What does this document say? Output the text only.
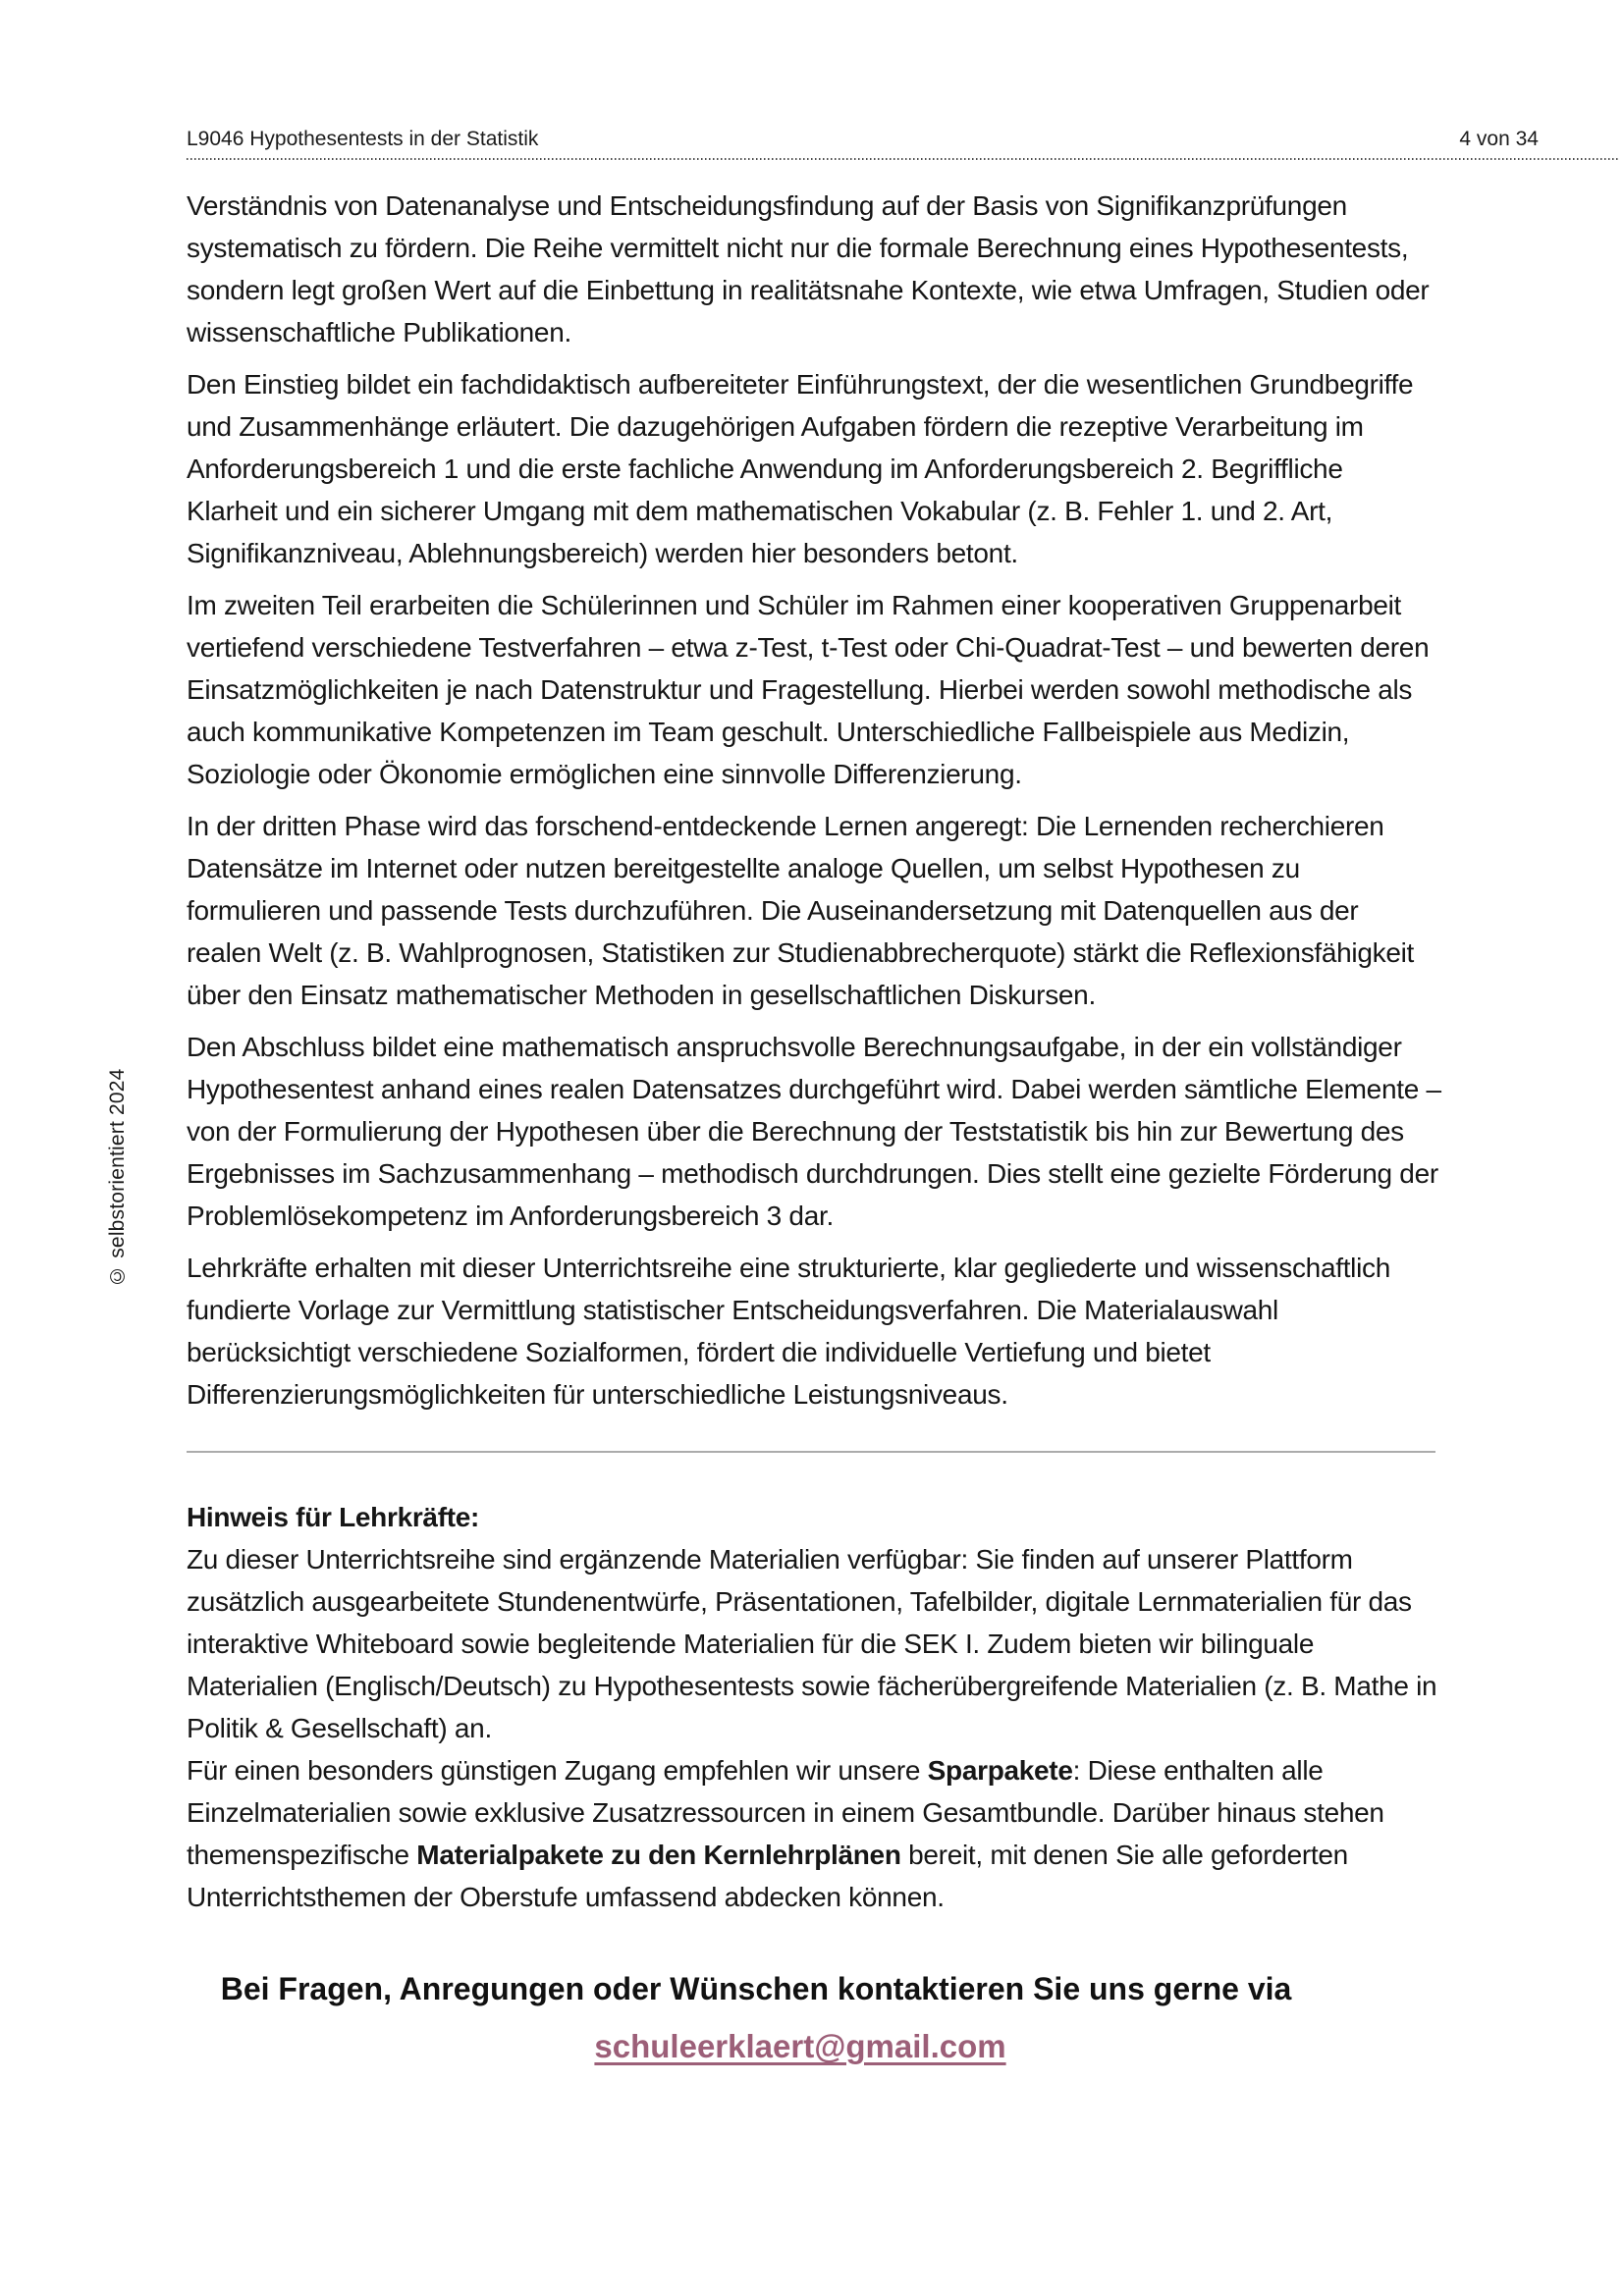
L9046 Hypothesentests in der Statistik	4 von 34
© selbstorientiert 2024

Verständnis von Datenanalyse und Entscheidungsfindung auf der Basis von Signifikanzprüfungen
systematisch zu fördern. Die Reihe vermittelt nicht nur die formale Berechnung eines Hypothesentests,
sondern legt großen Wert auf die Einbettung in realitätsnahe Kontexte, wie etwa Umfragen, Studien oder
wissenschaftliche Publikationen.

Den Einstieg bildet ein fachdidaktisch aufbereiteter Einführungstext, der die wesentlichen Grundbegriffe
und Zusammenhänge erläutert. Die dazugehörigen Aufgaben fördern die rezeptive Verarbeitung im
Anforderungsbereich 1 und die erste fachliche Anwendung im Anforderungsbereich 2. Begriffliche
Klarheit und ein sicherer Umgang mit dem mathematischen Vokabular (z. B. Fehler 1. und 2. Art,
Signifikanzniveau, Ablehnungsbereich) werden hier besonders betont.

Im zweiten Teil erarbeiten die Schülerinnen und Schüler im Rahmen einer kooperativen Gruppenarbeit
vertiefend verschiedene Testverfahren – etwa z-Test, t-Test oder Chi-Quadrat-Test – und bewerten deren
Einsatzmöglichkeiten je nach Datenstruktur und Fragestellung. Hierbei werden sowohl methodische als
auch kommunikative Kompetenzen im Team geschult. Unterschiedliche Fallbeispiele aus Medizin,
Soziologie oder Ökonomie ermöglichen eine sinnvolle Differenzierung.

In der dritten Phase wird das forschend-entdeckende Lernen angeregt: Die Lernenden recherchieren
Datensätze im Internet oder nutzen bereitgestellte analoge Quellen, um selbst Hypothesen zu
formulieren und passende Tests durchzuführen. Die Auseinandersetzung mit Datenquellen aus der
realen Welt (z. B. Wahlprognosen, Statistiken zur Studienabbrecherquote) stärkt die Reflexionsfähigkeit
über den Einsatz mathematischer Methoden in gesellschaftlichen Diskursen.

Den Abschluss bildet eine mathematisch anspruchsvolle Berechnungsaufgabe, in der ein vollständiger
Hypothesentest anhand eines realen Datensatzes durchgeführt wird. Dabei werden sämtliche Elemente –
von der Formulierung der Hypothesen über die Berechnung der Teststatistik bis hin zur Bewertung des
Ergebnisses im Sachzusammenhang – methodisch durchdrungen. Dies stellt eine gezielte Förderung der
Problemlösekompetenz im Anforderungsbereich 3 dar.

Lehrkräfte erhalten mit dieser Unterrichtsreihe eine strukturierte, klar gegliederte und wissenschaftlich
fundierte Vorlage zur Vermittlung statistischer Entscheidungsverfahren. Die Materialauswahl
berücksichtigt verschiedene Sozialformen, fördert die individuelle Vertiefung und bietet
Differenzierungsmöglichkeiten für unterschiedliche Leistungsniveaus.

Hinweis für Lehrkräfte:
Zu dieser Unterrichtsreihe sind ergänzende Materialien verfügbar: Sie finden auf unserer Plattform
zusätzlich ausgearbeitete Stundenentwürfe, Präsentationen, Tafelbilder, digitale Lernmaterialien für das
interaktive Whiteboard sowie begleitende Materialien für die SEK I. Zudem bieten wir bilinguale
Materialien (Englisch/Deutsch) zu Hypothesentests sowie fächerübergreifende Materialien (z. B. Mathe in
Politik & Gesellschaft) an.
Für einen besonders günstigen Zugang empfehlen wir unsere Sparpakete: Diese enthalten alle
Einzelmaterialien sowie exklusive Zusatzressourcen in einem Gesamtbundle. Darüber hinaus stehen
themenspezifische Materialpakete zu den Kernlehrplänen bereit, mit denen Sie alle geforderten
Unterrichtsthemen der Oberstufe umfassend abdecken können.
Bei Fragen, Anregungen oder Wünschen kontaktieren Sie uns gerne via
schuleerklaert@gmail.com
